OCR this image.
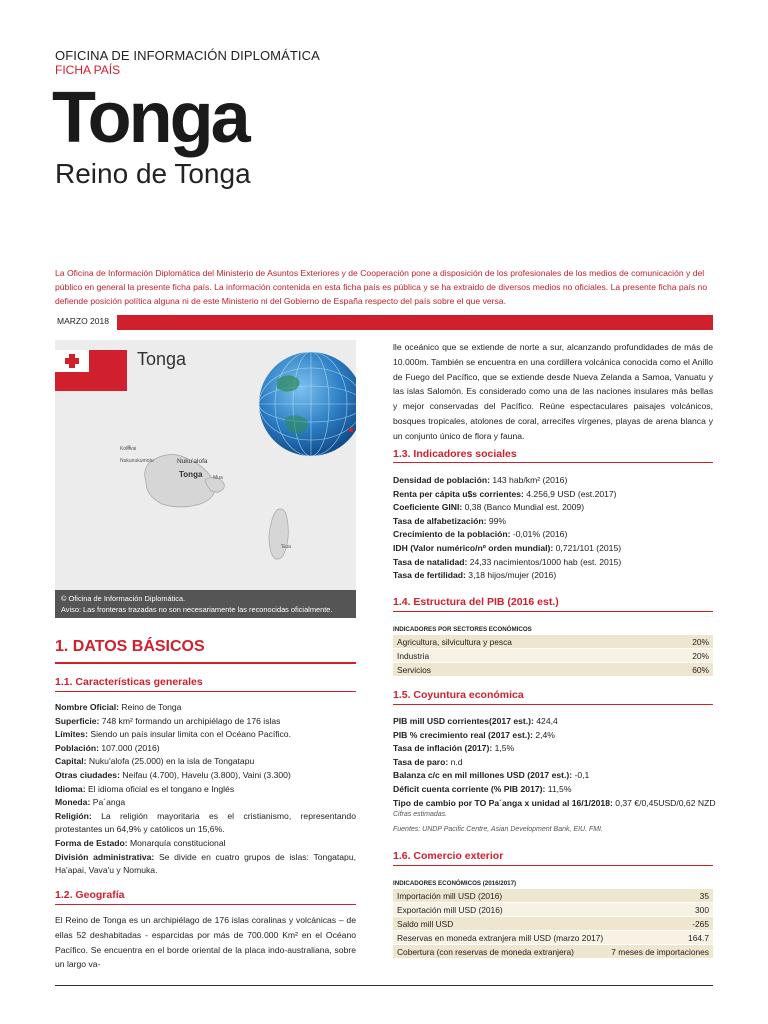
OFICINA DE INFORMACIÓN DIPLOMÁTICA
FICHA PAÍS
Tonga
Reino de Tonga
La Oficina de Información Diplomática del Ministerio de Asuntos Exteriores y de Cooperación pone a disposición de los profesionales de los medios de comunicación y del público en general la presente ficha país. La información contenida en esta ficha país es pública y se ha extraido de diversos medios no oficiales. La presente ficha país no defiende posición política alguna ni de este Ministerio ni del Gobierno de España respecto del país sobre el que versa.
MARZO 2018
Kolovai
Nukunukumotu	Nuku'alofa
Tonga Mua
'Eua
Tonga
© Oficina de Información Diplomática.
Aviso: Las fronteras trazadas no son necesariamente las reconocidas oficialmente.
1. DATOS BÁSICOS
1.1. Características generales
Nombre Oficial: Reino de Tonga
Superficie: 748 km² formando un archipiélago de 176 islas
Límites: Siendo un país insular limita con el Océano Pacífico.
Población: 107.000 (2016)
Capital: Nuku'alofa (25.000) en la isla de Tongatapu
Otras ciudades: Neifau (4.700), Havelu (3.800), Vaini (3.300)
Idioma: El idioma oficial es el tongano e Inglés
Moneda: Pa´anga
Religión: La religión mayoritaria es el cristianismo, representando protestantes un 64,9% y católicos un 15,6%.
Forma de Estado: Monarquía constitucional
División administrativa: Se divide en cuatro grupos de islas: Tongatapu, Ha'apai, Vava'u y Nomuka.
1.2. Geografía
El Reino de Tonga es un archipiélago de 176 islas coralinas y volcánicas – de ellas 52 deshabitadas - esparcidas por más de 700.000 Km² en el Océano Pacífico. Se encuentra en el borde oriental de la placa indo-australiana, sobre un largo va-
lle oceánico que se extiende de norte a sur, alcanzando profundidades de más de 10.000m. También se encuentra en una cordillera volcánica conocida como el Anillo de Fuego del Pacífico, que se extiende desde Nueva Zelanda a Samoa, Vanuatu y las islas Salomón. Es considerado como una de las naciones insulares más bellas y mejor conservadas del Pacífico. Reúne espectaculares paisajes volcánicos, bosques tropicales, atolones de coral, arrecifes vírgenes, playas de arena blanca y un conjunto único de flora y fauna.
1.3. Indicadores sociales
Densidad de población: 143 hab/km² (2016)
Renta per cápita u$s corrientes: 4.256,9 USD (est.2017)
Coeficiente GINI: 0,38 (Banco Mundial est. 2009)
Tasa de alfabetización: 99%
Crecimiento de la población: -0,01% (2016)
IDH (Valor numérico/nº orden mundial): 0,721/101 (2015)
Tasa de natalidad: 24,33 nacimientos/1000 hab (est. 2015)
Tasa de fertilidad: 3,18 hijos/mujer (2016)
1.4. Estructura del PIB (2016 est.)
INDICADORES POR SECTORES ECONÓMICOS
Agricultura, silvicultura y pesca	20%
Industria	20%
Servicios	60%
1.5. Coyuntura económica
PIB mill USD corrientes(2017 est.): 424,4
PIB % crecimiento real (2017 est.): 2,4%
Tasa de inflación (2017): 1,5%
Tasa de paro: n.d
Balanza c/c en mil millones USD (2017 est.): -0,1
Déficit cuenta corriente (% PIB 2017): 11,5%
Tipo de cambio por TO Pa´anga x unidad al 16/1/2018: 0,37 €/0,45USD/0,62 NZD
Cifras estimadas.
Fuentes: UNDP Pacific Centre, Asian Development Bank, EIU. FMI.
1.6. Comercio exterior
INDICADORES ECONÓMICOS (2016/2017)
Importación mill USD (2016)	35
Exportación mill USD (2016)	300
Saldo mill USD	-265
Reservas en moneda extranjera mill USD (marzo 2017)	164.7
Cobertura (con reservas de moneda extranjera)	7 meses de importaciones
